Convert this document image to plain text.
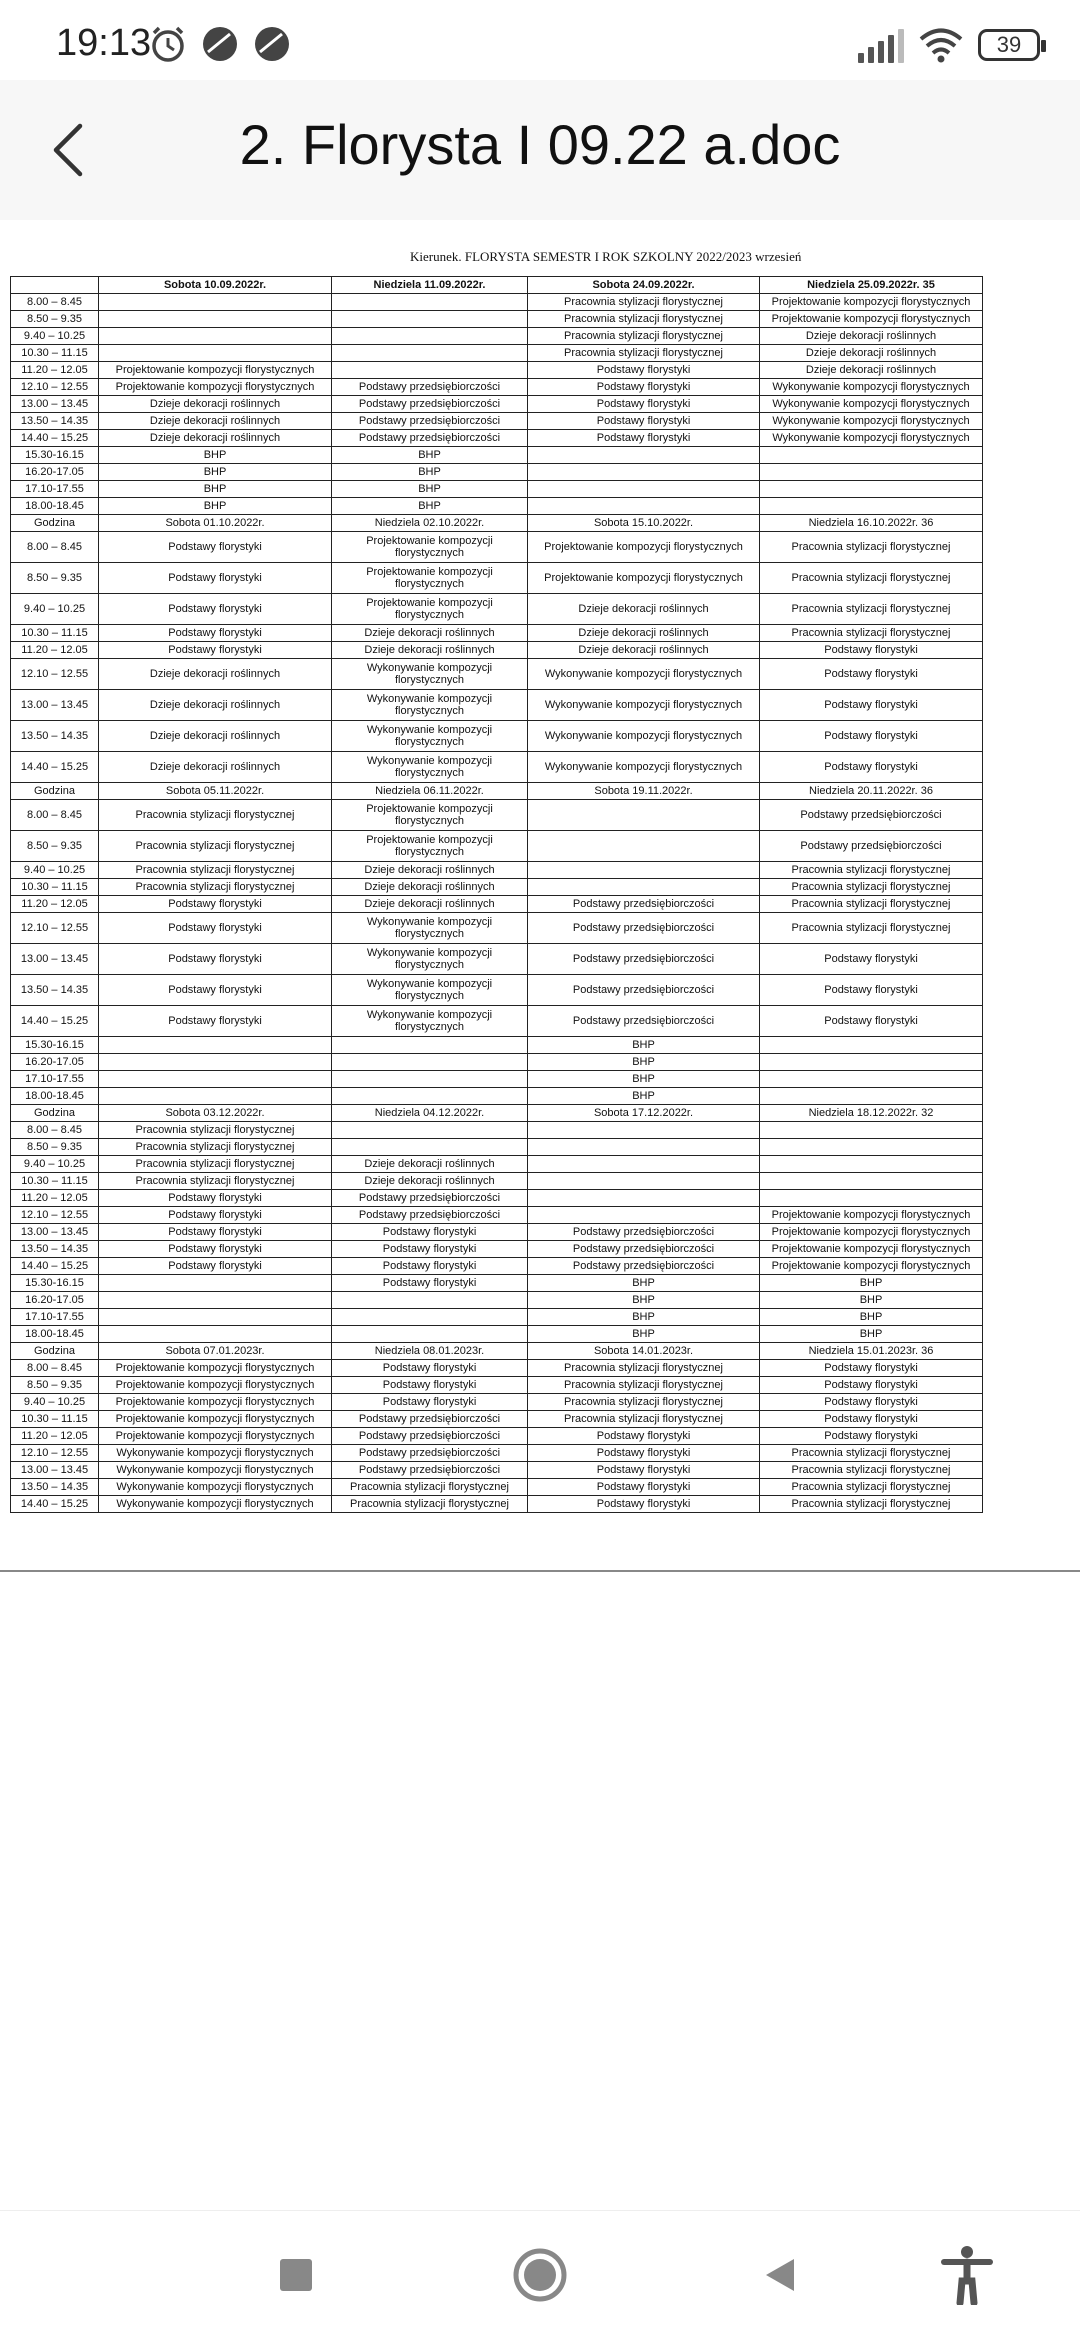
19:13	39
2. Florysta I 09.22 a.doc
Kierunek. FLORYSTA SEMESTR I ROK SZKOLNY 2022/2023 wrzesień
	Sobota 10.09.2022r.	Niedziela 11.09.2022r.	Sobota 24.09.2022r.	Niedziela 25.09.2022r. 35
8.00 – 8.45			Pracownia stylizacji florystycznej	Projektowanie kompozycji florystycznych
8.50 – 9.35			Pracownia stylizacji florystycznej	Projektowanie kompozycji florystycznych
9.40 – 10.25			Pracownia stylizacji florystycznej	Dzieje dekoracji roślinnych
10.30 – 11.15			Pracownia stylizacji florystycznej	Dzieje dekoracji roślinnych
11.20 – 12.05	Projektowanie kompozycji florystycznych		Podstawy florystyki	Dzieje dekoracji roślinnych
12.10 – 12.55	Projektowanie kompozycji florystycznych	Podstawy przedsiębiorczości	Podstawy florystyki	Wykonywanie kompozycji florystycznych
13.00 – 13.45	Dzieje dekoracji roślinnych	Podstawy przedsiębiorczości	Podstawy florystyki	Wykonywanie kompozycji florystycznych
13.50 – 14.35	Dzieje dekoracji roślinnych	Podstawy przedsiębiorczości	Podstawy florystyki	Wykonywanie kompozycji florystycznych
14.40 – 15.25	Dzieje dekoracji roślinnych	Podstawy przedsiębiorczości	Podstawy florystyki	Wykonywanie kompozycji florystycznych
15.30-16.15	BHP	BHP		
16.20-17.05	BHP	BHP		
17.10-17.55	BHP	BHP		
18.00-18.45	BHP	BHP		
Godzina	Sobota 01.10.2022r.	Niedziela 02.10.2022r.	Sobota 15.10.2022r.	Niedziela 16.10.2022r. 36
8.00 – 8.45	Podstawy florystyki	Projektowanie kompozycji florystycznych	Projektowanie kompozycji florystycznych	Pracownia stylizacji florystycznej
8.50 – 9.35	Podstawy florystyki	Projektowanie kompozycji florystycznych	Projektowanie kompozycji florystycznych	Pracownia stylizacji florystycznej
9.40 – 10.25	Podstawy florystyki	Projektowanie kompozycji florystycznych	Dzieje dekoracji roślinnych	Pracownia stylizacji florystycznej
10.30 – 11.15	Podstawy florystyki	Dzieje dekoracji roślinnych	Dzieje dekoracji roślinnych	Pracownia stylizacji florystycznej
11.20 – 12.05	Podstawy florystyki	Dzieje dekoracji roślinnych	Dzieje dekoracji roślinnych	Podstawy florystyki
12.10 – 12.55	Dzieje dekoracji roślinnych	Wykonywanie kompozycji florystycznych	Wykonywanie kompozycji florystycznych	Podstawy florystyki
13.00 – 13.45	Dzieje dekoracji roślinnych	Wykonywanie kompozycji florystycznych	Wykonywanie kompozycji florystycznych	Podstawy florystyki
13.50 – 14.35	Dzieje dekoracji roślinnych	Wykonywanie kompozycji florystycznych	Wykonywanie kompozycji florystycznych	Podstawy florystyki
14.40 – 15.25	Dzieje dekoracji roślinnych	Wykonywanie kompozycji florystycznych	Wykonywanie kompozycji florystycznych	Podstawy florystyki
Godzina	Sobota 05.11.2022r.	Niedziela 06.11.2022r.	Sobota 19.11.2022r.	Niedziela 20.11.2022r. 36
8.00 – 8.45	Pracownia stylizacji florystycznej	Projektowanie kompozycji florystycznych		Podstawy przedsiębiorczości
8.50 – 9.35	Pracownia stylizacji florystycznej	Projektowanie kompozycji florystycznych		Podstawy przedsiębiorczości
9.40 – 10.25	Pracownia stylizacji florystycznej	Dzieje dekoracji roślinnych		Pracownia stylizacji florystycznej
10.30 – 11.15	Pracownia stylizacji florystycznej	Dzieje dekoracji roślinnych		Pracownia stylizacji florystycznej
11.20 – 12.05	Podstawy florystyki	Dzieje dekoracji roślinnych	Podstawy przedsiębiorczości	Pracownia stylizacji florystycznej
12.10 – 12.55	Podstawy florystyki	Wykonywanie kompozycji florystycznych	Podstawy przedsiębiorczości	Pracownia stylizacji florystycznej
13.00 – 13.45	Podstawy florystyki	Wykonywanie kompozycji florystycznych	Podstawy przedsiębiorczości	Podstawy florystyki
13.50 – 14.35	Podstawy florystyki	Wykonywanie kompozycji florystycznych	Podstawy przedsiębiorczości	Podstawy florystyki
14.40 – 15.25	Podstawy florystyki	Wykonywanie kompozycji florystycznych	Podstawy przedsiębiorczości	Podstawy florystyki
15.30-16.15			BHP	
16.20-17.05			BHP	
17.10-17.55			BHP	
18.00-18.45			BHP	
Godzina	Sobota 03.12.2022r.	Niedziela 04.12.2022r.	Sobota 17.12.2022r.	Niedziela 18.12.2022r. 32
8.00 – 8.45	Pracownia stylizacji florystycznej			
8.50 – 9.35	Pracownia stylizacji florystycznej			
9.40 – 10.25	Pracownia stylizacji florystycznej	Dzieje dekoracji roślinnych		
10.30 – 11.15	Pracownia stylizacji florystycznej	Dzieje dekoracji roślinnych		
11.20 – 12.05	Podstawy florystyki	Podstawy przedsiębiorczości		
12.10 – 12.55	Podstawy florystyki	Podstawy przedsiębiorczości		Projektowanie kompozycji florystycznych
13.00 – 13.45	Podstawy florystyki	Podstawy florystyki	Podstawy przedsiębiorczości	Projektowanie kompozycji florystycznych
13.50 – 14.35	Podstawy florystyki	Podstawy florystyki	Podstawy przedsiębiorczości	Projektowanie kompozycji florystycznych
14.40 – 15.25	Podstawy florystyki	Podstawy florystyki	Podstawy przedsiębiorczości	Projektowanie kompozycji florystycznych
15.30-16.15		Podstawy florystyki	BHP	BHP
16.20-17.05			BHP	BHP
17.10-17.55			BHP	BHP
18.00-18.45			BHP	BHP
Godzina	Sobota 07.01.2023r.	Niedziela 08.01.2023r.	Sobota 14.01.2023r.	Niedziela 15.01.2023r. 36
8.00 – 8.45	Projektowanie kompozycji florystycznych	Podstawy florystyki	Pracownia stylizacji florystycznej	Podstawy florystyki
8.50 – 9.35	Projektowanie kompozycji florystycznych	Podstawy florystyki	Pracownia stylizacji florystycznej	Podstawy florystyki
9.40 – 10.25	Projektowanie kompozycji florystycznych	Podstawy florystyki	Pracownia stylizacji florystycznej	Podstawy florystyki
10.30 – 11.15	Projektowanie kompozycji florystycznych	Podstawy przedsiębiorczości	Pracownia stylizacji florystycznej	Podstawy florystyki
11.20 – 12.05	Projektowanie kompozycji florystycznych	Podstawy przedsiębiorczości	Podstawy florystyki	Podstawy florystyki
12.10 – 12.55	Wykonywanie kompozycji florystycznych	Podstawy przedsiębiorczości	Podstawy florystyki	Pracownia stylizacji florystycznej
13.00 – 13.45	Wykonywanie kompozycji florystycznych	Podstawy przedsiębiorczości	Podstawy florystyki	Pracownia stylizacji florystycznej
13.50 – 14.35	Wykonywanie kompozycji florystycznych	Pracownia stylizacji florystycznej	Podstawy florystyki	Pracownia stylizacji florystycznej
14.40 – 15.25	Wykonywanie kompozycji florystycznych	Pracownia stylizacji florystycznej	Podstawy florystyki	Pracownia stylizacji florystycznej
